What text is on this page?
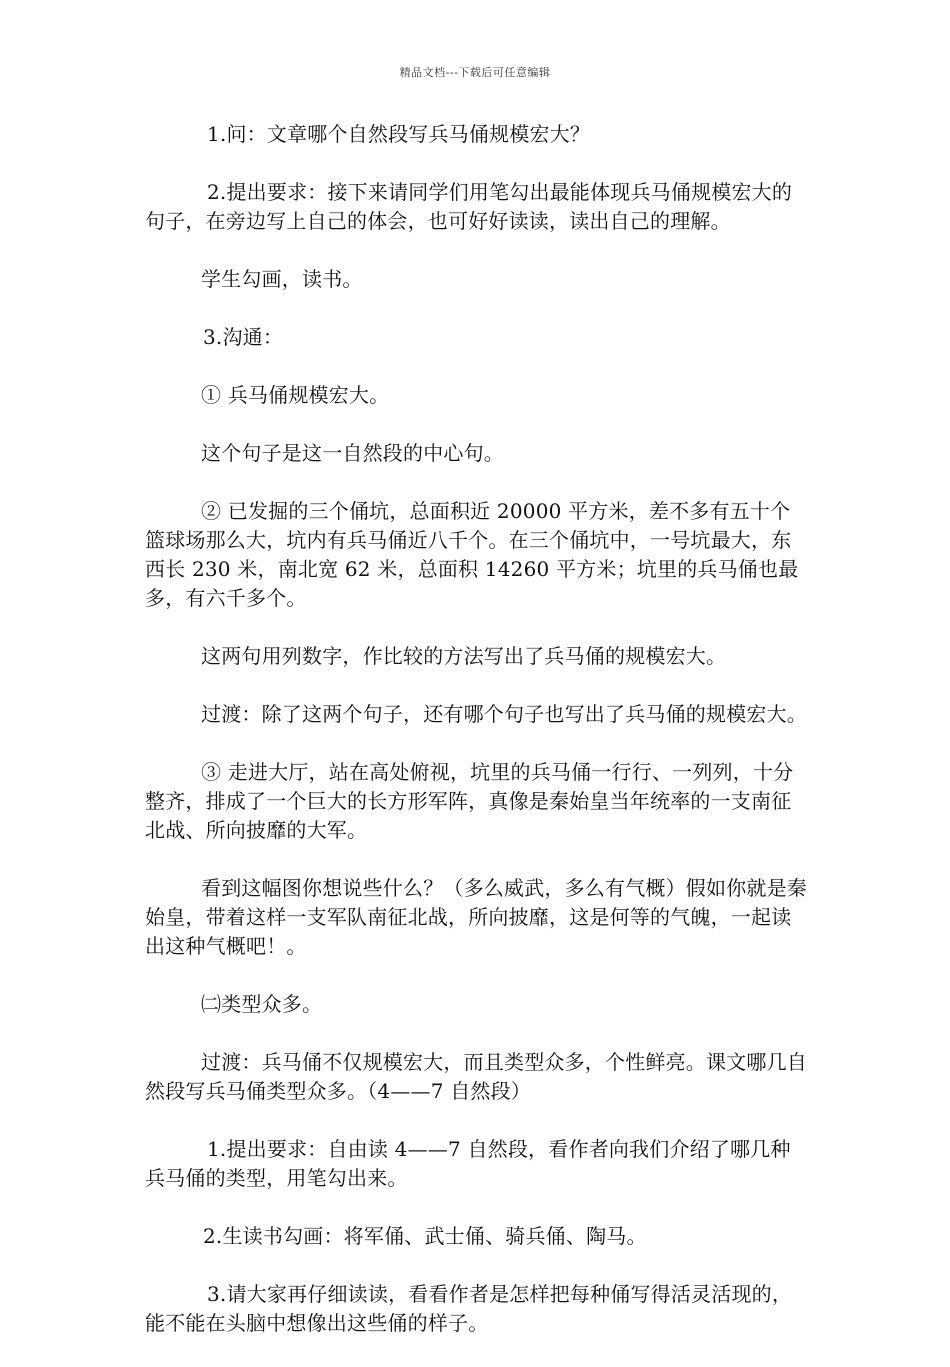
精品文档---下载后可任意编辑

1.问：文章哪个自然段写兵马俑规模宏大？

2.提出要求：接下来请同学们用笔勾出最能体现兵马俑规模宏大的句子，在旁边写上自己的体会，也可好好读读，读出自己的理解。

学生勾画，读书。

3.沟通：

① 兵马俑规模宏大。

这个句子是这一自然段的中心句。

② 已发掘的三个俑坑，总面积近 20000 平方米，差不多有五十个篮球场那么大，坑内有兵马俑近八千个。在三个俑坑中，一号坑最大，东西长 230 米，南北宽 62 米，总面积 14260 平方米；坑里的兵马俑也最多，有六千多个。

这两句用列数字，作比较的方法写出了兵马俑的规模宏大。

过渡：除了这两个句子，还有哪个句子也写出了兵马俑的规模宏大。

③ 走进大厅，站在高处俯视，坑里的兵马俑一行行、一列列，十分整齐，排成了一个巨大的长方形军阵，真像是秦始皇当年统率的一支南征北战、所向披靡的大军。

看到这幅图你想说些什么？（多么威武，多么有气概）假如你就是秦始皇，带着这样一支军队南征北战，所向披靡，这是何等的气魄，一起读出这种气概吧！。

㈡类型众多。

过渡：兵马俑不仅规模宏大，而且类型众多，个性鲜亮。课文哪几自然段写兵马俑类型众多。（4——7 自然段）

1.提出要求：自由读 4——7 自然段，看作者向我们介绍了哪几种兵马俑的类型，用笔勾出来。

2.生读书勾画：将军俑、武士俑、骑兵俑、陶马。

3.请大家再仔细读读，看看作者是怎样把每种俑写得活灵活现的，能不能在头脑中想像出这些俑的样子。
